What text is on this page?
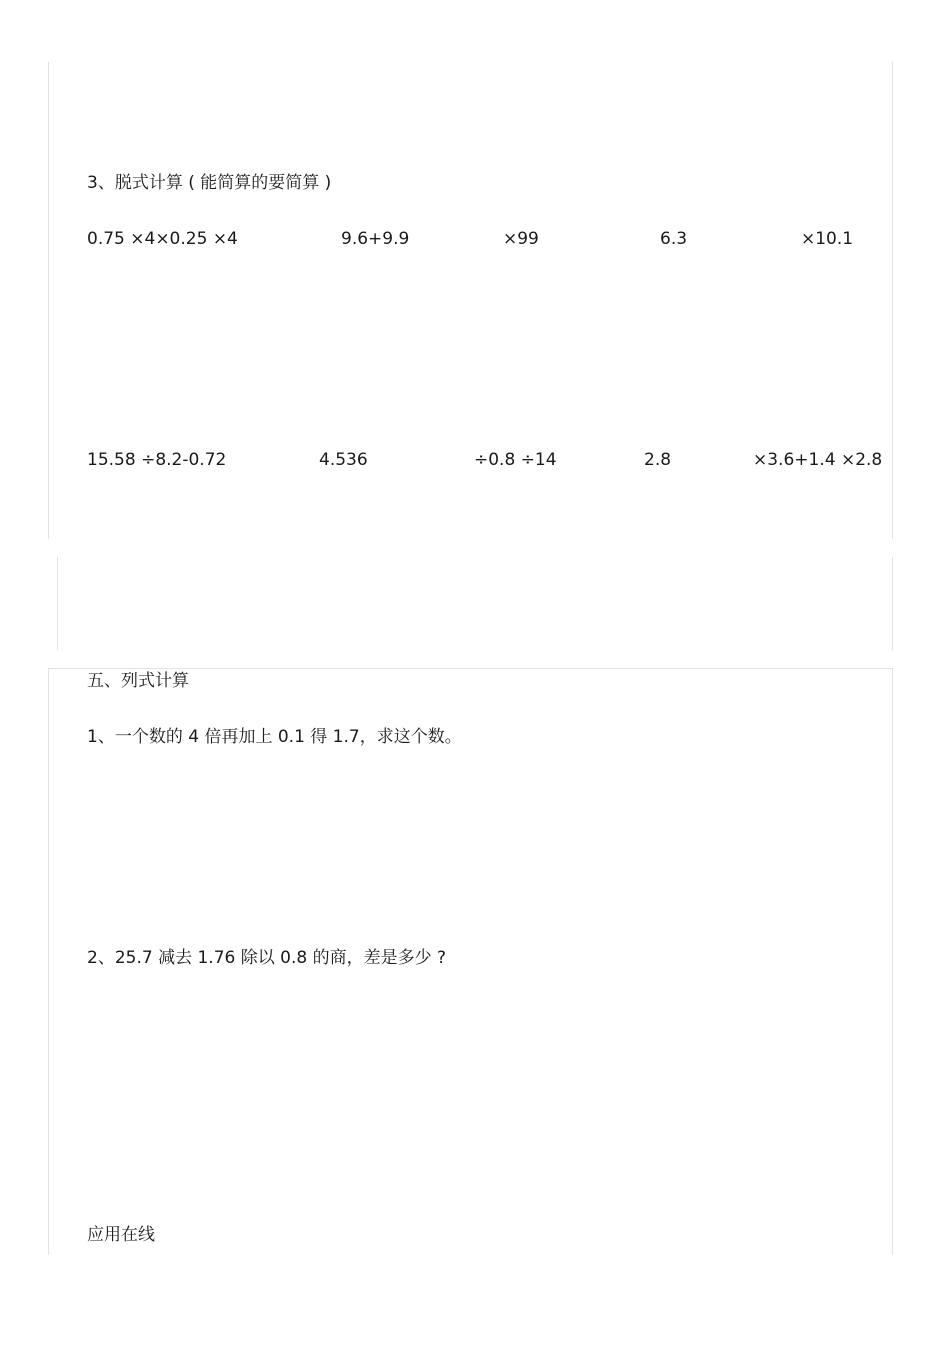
3、脱式计算 ( 能简算的要简算 )
0.75 ×4×0.25 ×4	9.6+9.9	×99	6.3	×10.1
15.58 ÷8.2-0.72	4.536	÷0.8 ÷14	2.8	×3.6+1.4 ×2.8
五、列式计算
1、一个数的 4 倍再加上 0.1 得 1.7，求这个数。
2、25.7 减去 1.76 除以 0.8 的商，差是多少 ?
应用在线
